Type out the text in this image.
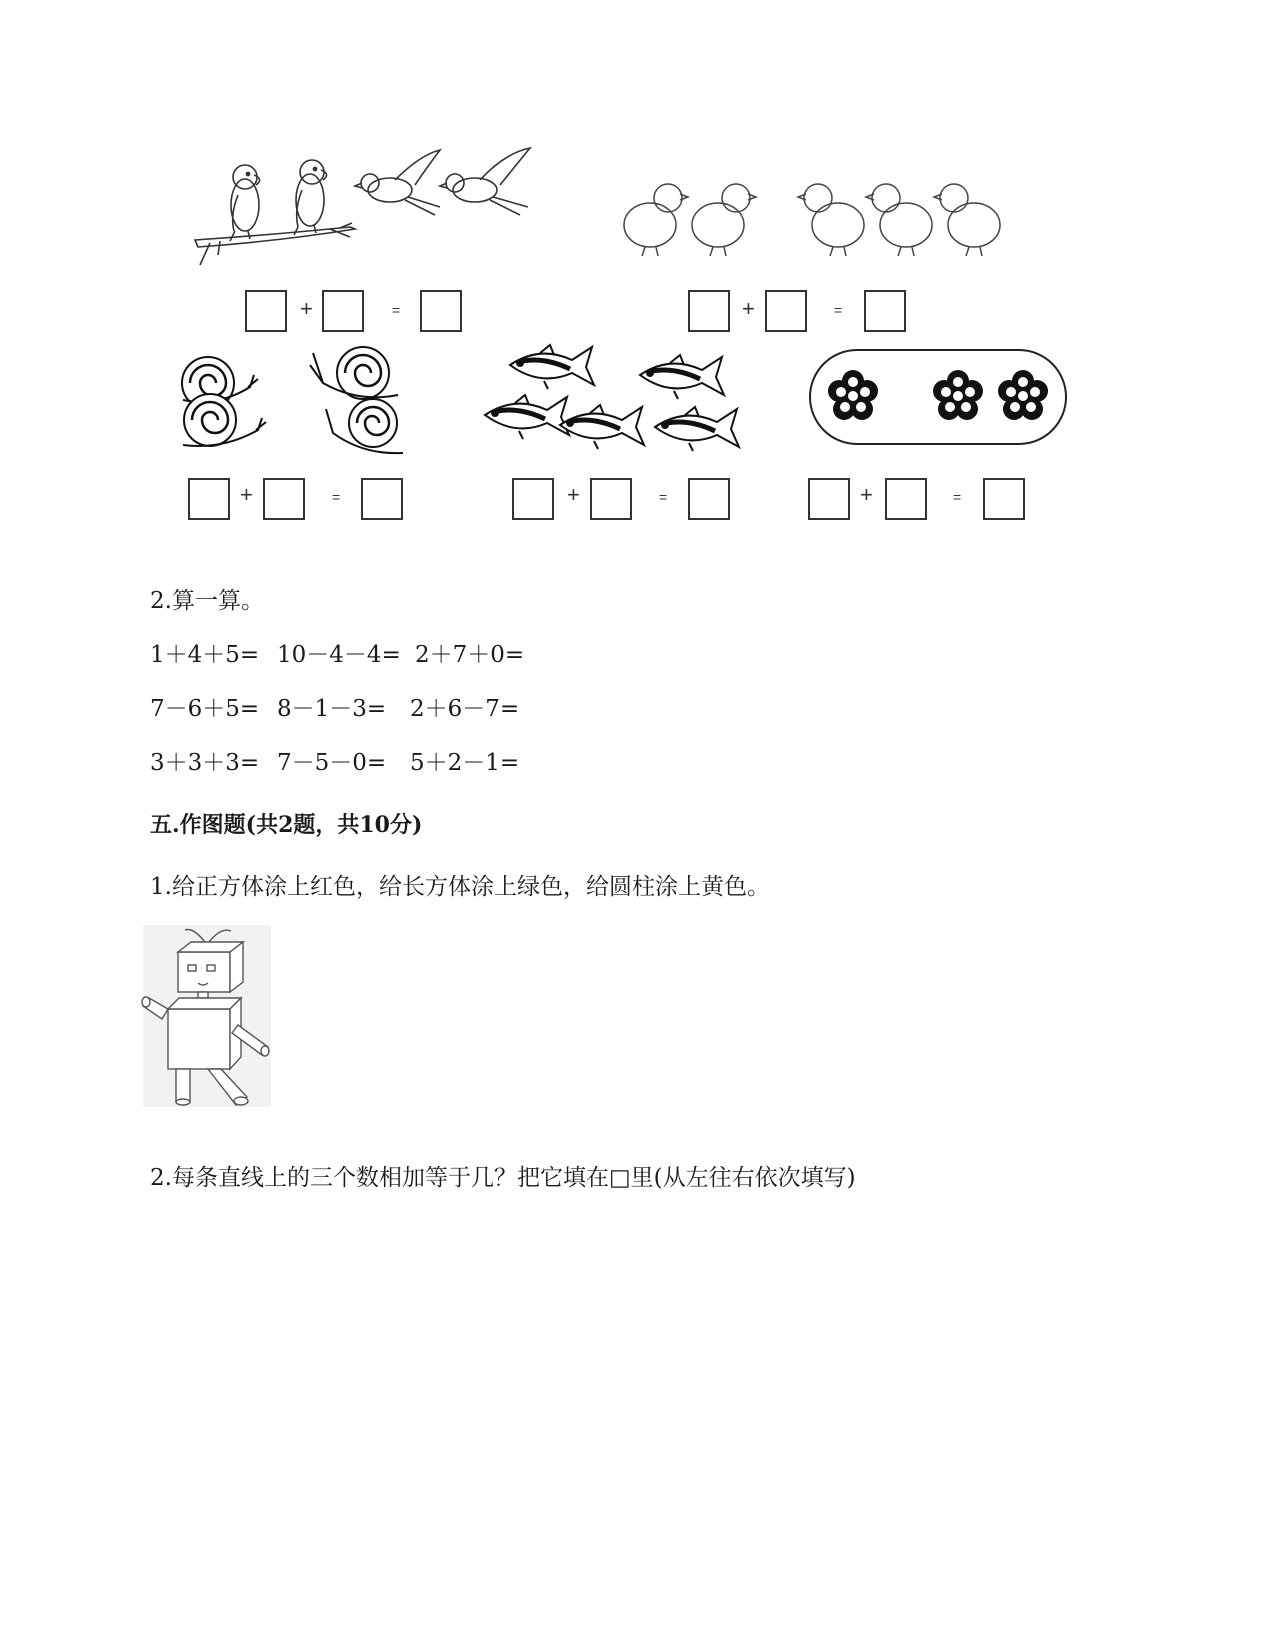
+	=	+	=
+	=	+	=	+	=
2.算一算。
1＋4＋5= 10－4－4= 2＋7＋0=
7－6＋5= 8－1－3= 2＋6－7=
3＋3＋3= 7－5－0= 5＋2－1=
五.作图题(共2题，共10分)
1.给正方体涂上红色，给长方体涂上绿色，给圆柱涂上黄色。
2.每条直线上的三个数相加等于几？把它填在□里(从左往右依次填写)
